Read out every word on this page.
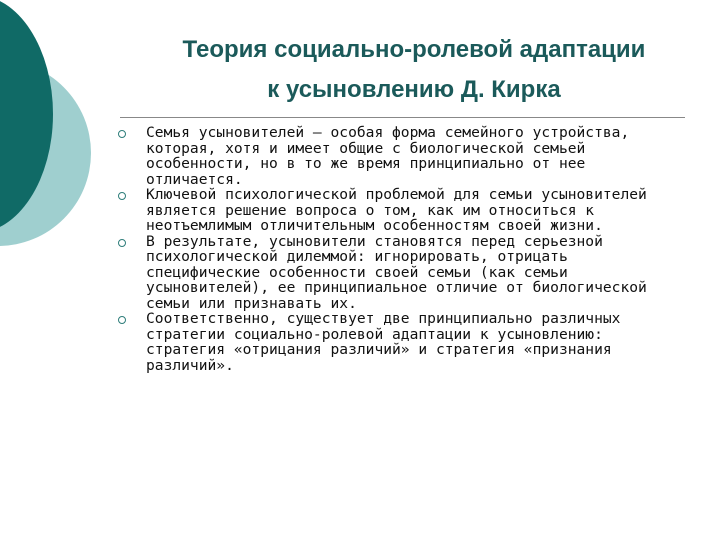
Теория социально-ролевой адаптации
к усыновлению Д. Кирка
Семья усыновителей – особая форма семейного устройства, которая, хотя и имеет общие с биологической семьей особенности, но в то же время принципиально от нее отличается.
Ключевой психологической проблемой для семьи усыновителей является решение вопроса о том, как им относиться к неотъемлимым отличительным особенностям своей жизни.
В результате, усыновители становятся перед серьезной психологической дилеммой: игнорировать, отрицать специфические особенности своей семьи (как семьи усыновителей), ее принципиальное отличие от биологической семьи или признавать их.
Соответственно, существует две принципиально различных стратегии социально-ролевой адаптации к усыновлению: стратегия «отрицания различий» и стратегия «признания различий».
